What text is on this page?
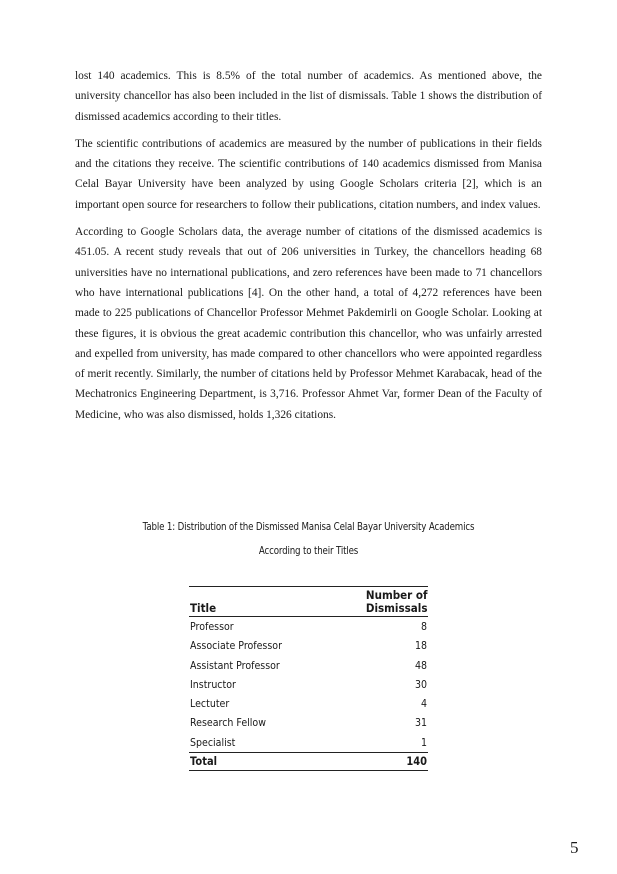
lost 140 academics. This is 8.5% of the total number of academics. As mentioned above, the university chancellor has also been included in the list of dismissals. Table 1 shows the distribution of dismissed academics according to their titles.

The scientific contributions of academics are measured by the number of publications in their fields and the citations they receive. The scientific contributions of 140 academics dismissed from Manisa Celal Bayar University have been analyzed by using Google Scholars criteria [2], which is an important open source for researchers to follow their publications, citation numbers, and index values.

According to Google Scholars data, the average number of citations of the dismissed academics is 451.05. A recent study reveals that out of 206 universities in Turkey, the chancellors heading 68 universities have no international publications, and zero references have been made to 71 chancellors who have international publications [4]. On the other hand, a total of 4,272 references have been made to 225 publications of Chancellor Professor Mehmet Pakdemirli on Google Scholar. Looking at these figures, it is obvious the great academic contribution this chancellor, who was unfairly arrested and expelled from university, has made compared to other chancellors who were appointed regardless of merit recently. Similarly, the number of citations held by Professor Mehmet Karabacak, head of the Mechatronics Engineering Department, is 3,716. Professor Ahmet Var, former Dean of the Faculty of Medicine, who was also dismissed, holds 1,326 citations.

Table 1: Distribution of the Dismissed Manisa Celal Bayar University Academics
According to their Titles
Title	Number of
Dismissals
Professor	8
Associate Professor	18
Assistant Professor	48
Instructor	30
Lectuter	4
Research Fellow	31
Specialist	1
Total	140
5
